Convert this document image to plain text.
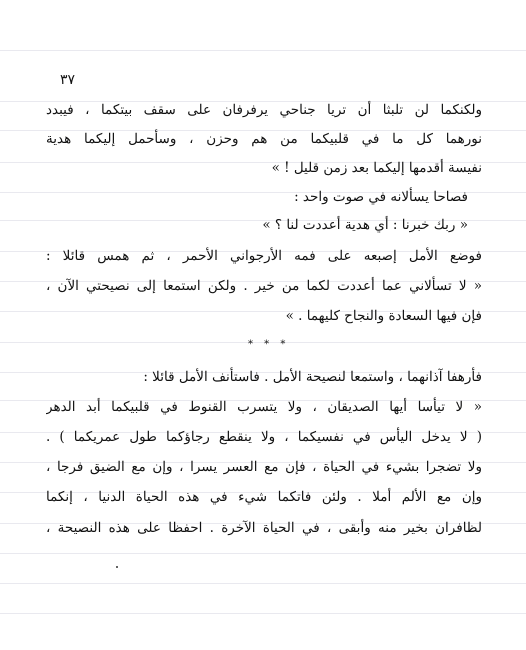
٣٧
ولكنكما لن تلبثا أن تريا جناحي يرفرفان على سقف بيتكما ، فيبدد
نورهما كل ما في قلبيكما من هم وحزن ، وسأحمل إليكما هدية
نفيسة أقدمها إليكما بعد زمن قليل ! »
فصاحا يسألانه في صوت واحد :
« ربك خبرنا : أي هدية أعددت لنا ؟ »
فوضع الأمل إصبعه على فمه الأرجواني الأحمر ، ثم همس قائلا :
« لا تسألاني عما أعددت لكما من خير . ولكن استمعا إلى نصيحتي الآن ،
فإن فيها السعادة والنجاح كليهما . »
* * *
فأرهفا آذانهما ، واستمعا لنصيحة الأمل . فاستأنف الأمل قائلا :
« لا تيأسا أيها الصديقان ، ولا يتسرب القنوط في قلبيكما أبد الدهر
( لا يدخل اليأس في نفسيكما ، ولا ينقطع رجاؤكما طول عمريكما ) .
ولا تضجرا بشيء في الحياة ، فإن مع العسر يسرا ، وإن مع الضيق فرجا ،
وإن مع الألم أملا . ولئن فاتكما شيء في هذه الحياة الدنيا ، إنكما
لظافران بخير منه وأبقى ، في الحياة الآخرة . احفظا على هذه النصيحة ،
